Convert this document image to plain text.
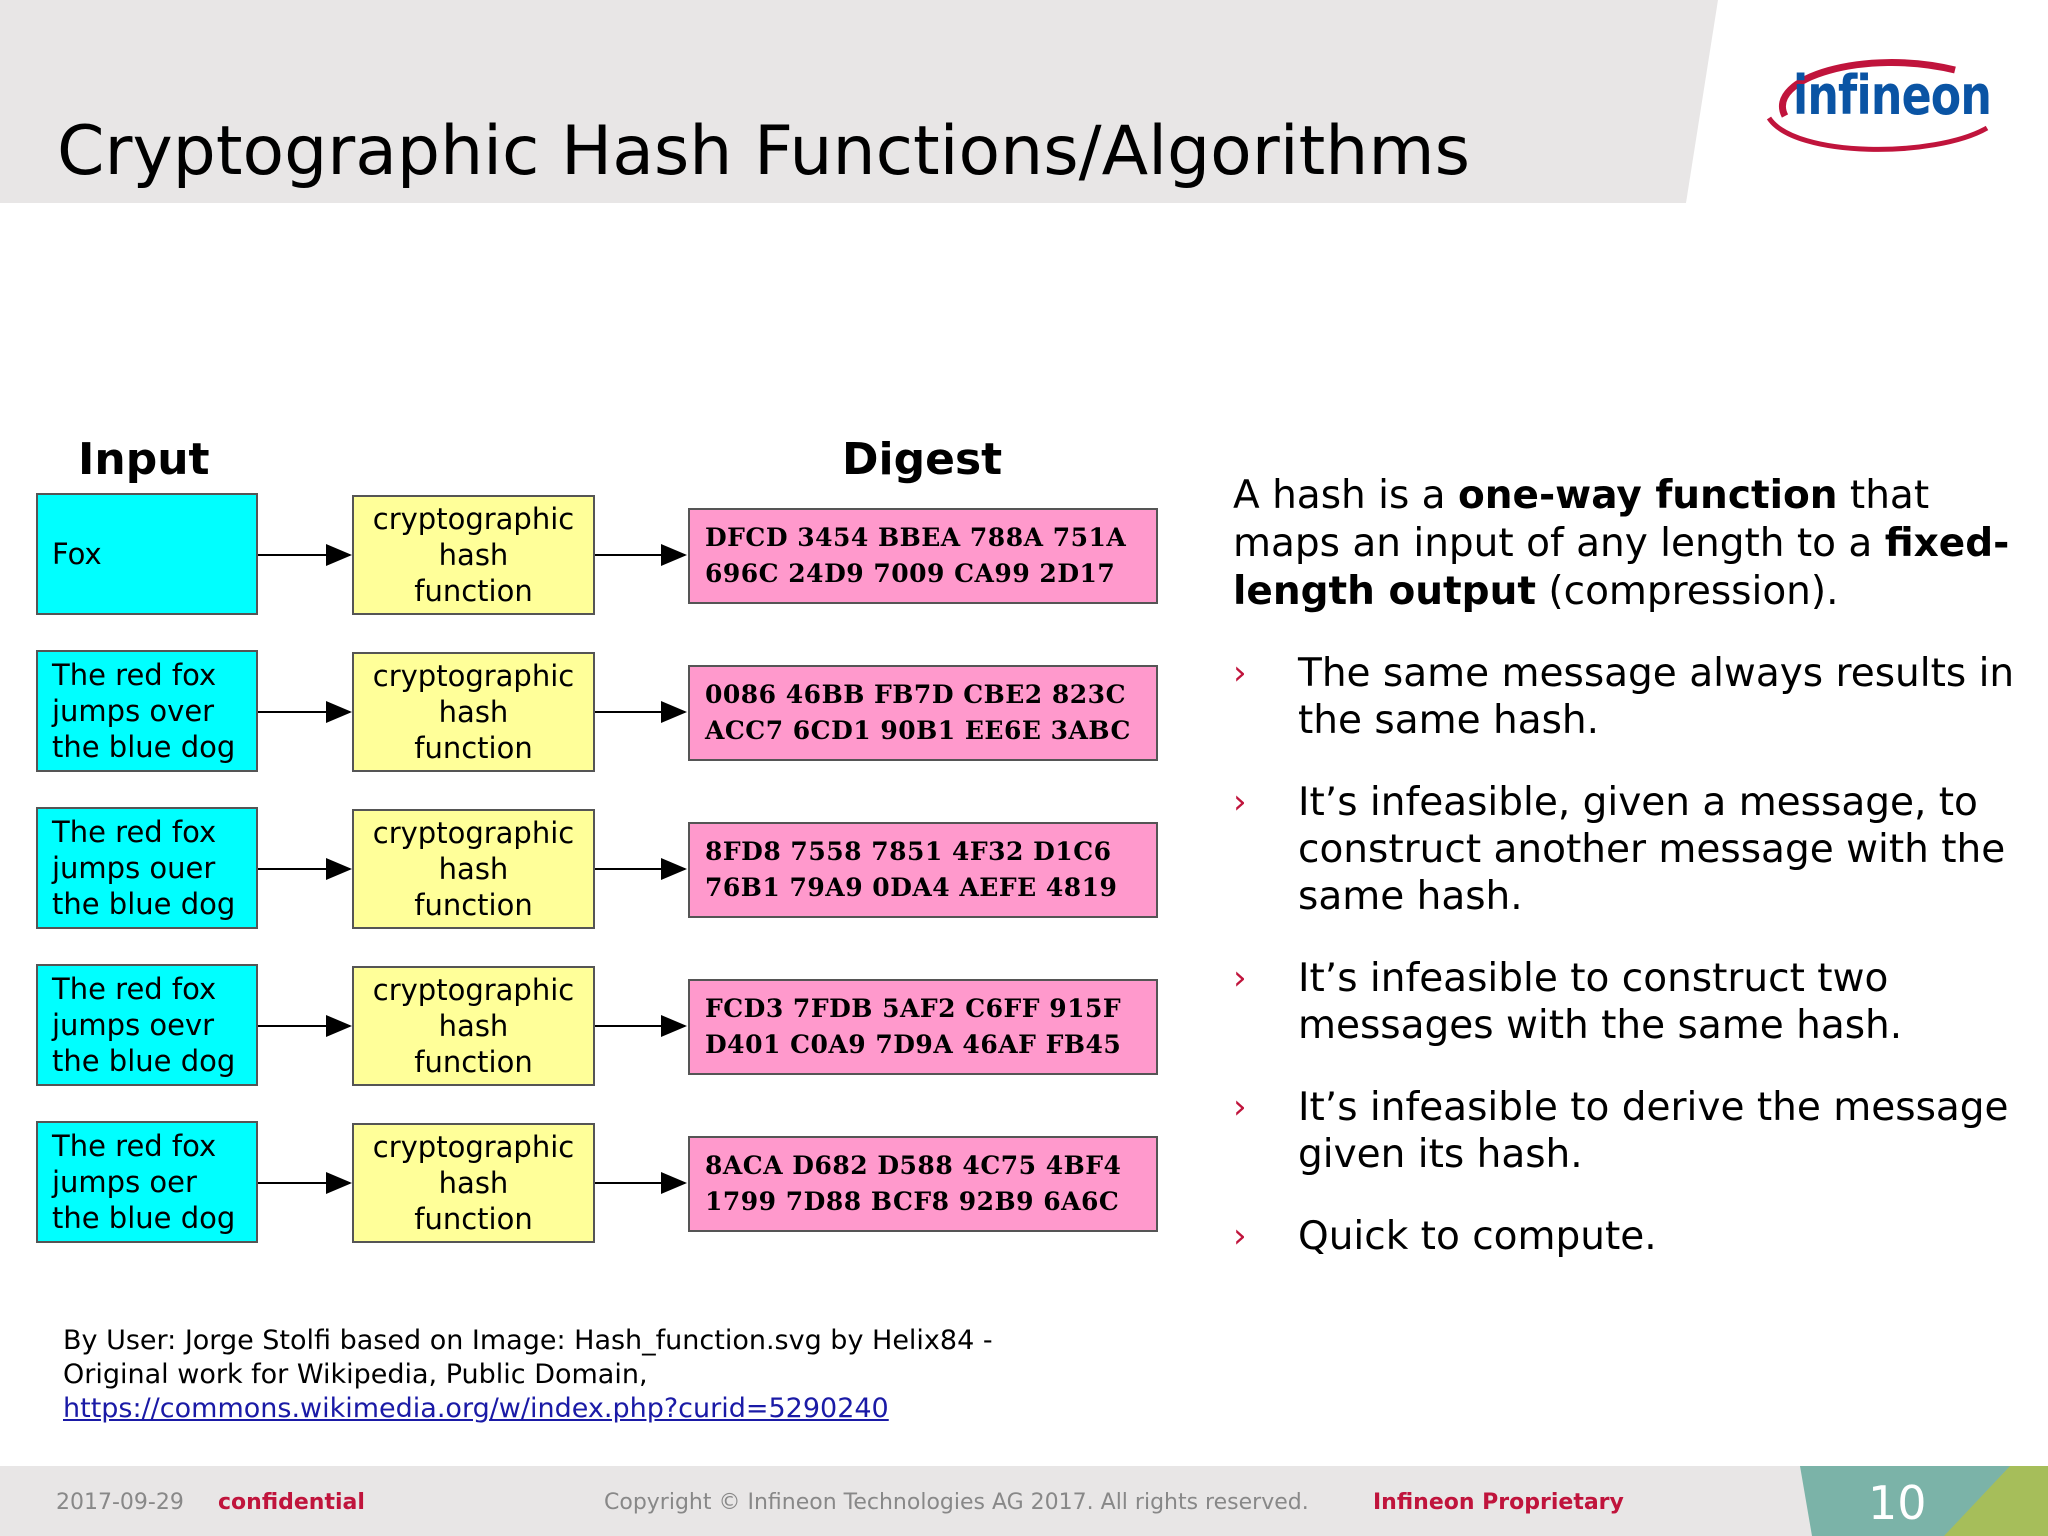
Cryptographic Hash Functions/Algorithms
infineon
Input	Digest
Fox
cryptographic
hash
function
DFCD 3454 BBEA 788A 751A
696C 24D9 7009 CA99 2D17
The red fox
jumps over
the blue dog
cryptographic
hash
function
0086 46BB FB7D CBE2 823C
ACC7 6CD1 90B1 EE6E 3ABC
The red fox
jumps ouer
the blue dog
cryptographic
hash
function
8FD8 7558 7851 4F32 D1C6
76B1 79A9 0DA4 AEFE 4819
The red fox
jumps oevr
the blue dog
cryptographic
hash
function
FCD3 7FDB 5AF2 C6FF 915F
D401 C0A9 7D9A 46AF FB45
The red fox
jumps oer
the blue dog
cryptographic
hash
function
8ACA D682 D588 4C75 4BF4
1799 7D88 BCF8 92B9 6A6C
A hash is a one-way function that maps an input of any length to a fixed-length output (compression).
› The same message always results in the same hash.
› It’s infeasible, given a message, to construct another message with the same hash.
› It’s infeasible to construct two messages with the same hash.
› It’s infeasible to derive the message given its hash.
› Quick to compute.
By User: Jorge Stolfi based on Image: Hash_function.svg by Helix84 -
Original work for Wikipedia, Public Domain,
https://commons.wikimedia.org/w/index.php?curid=5290240
2017-09-29 confidential	Copyright © Infineon Technologies AG 2017. All rights reserved.	Infineon Proprietary	10
